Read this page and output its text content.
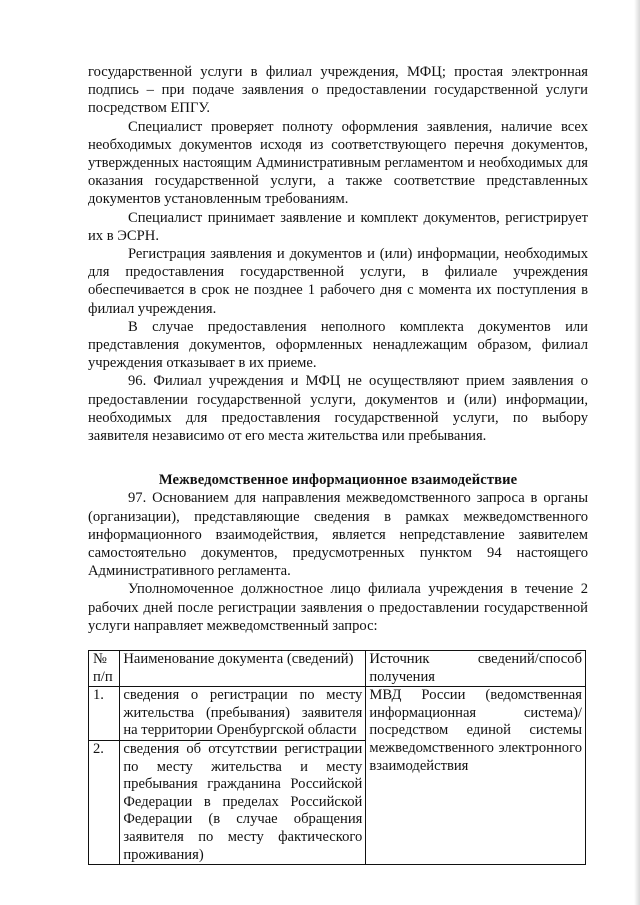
государственной услуги в филиал учреждения, МФЦ; простая электронная подпись – при подаче заявления о предоставлении государственной услуги посредством ЕПГУ.

Специалист проверяет полноту оформления заявления, наличие всех необходимых документов исходя из соответствующего перечня документов, утвержденных настоящим Административным регламентом и необходимых для оказания государственной услуги, а также соответствие представленных документов установленным требованиям.

Специалист принимает заявление и комплект документов, регистрирует их в ЭСРН.

Регистрация заявления и документов и (или) информации, необходимых для предоставления государственной услуги, в филиале учреждения обеспечивается в срок не позднее 1 рабочего дня с момента их поступления в филиал учреждения.

В случае предоставления неполного комплекта документов или представления документов, оформленных ненадлежащим образом, филиал учреждения отказывает в их приеме.

96. Филиал учреждения и МФЦ не осуществляют прием заявления о предоставлении государственной услуги, документов и (или) информации, необходимых для предоставления государственной услуги, по выбору заявителя независимо от его места жительства или пребывания.

Межведомственное информационное взаимодействие

97. Основанием для направления межведомственного запроса в органы (организации), представляющие сведения в рамках межведомственного информационного взаимодействия, является непредставление заявителем самостоятельно документов, предусмотренных пунктом 94 настоящего Административного регламента.

Уполномоченное должностное лицо филиала учреждения в течение 2 рабочих дней после регистрации заявления о предоставлении государственной услуги направляет межведомственный запрос:

№ п/п	Наименование документа (сведений)	Источник сведений/способ получения
1.	сведения о регистрации по месту жительства (пребывания) заявителя на территории Оренбургской области	МВД России (ведомственная информационная система)/ посредством единой системы межведомственного электронного взаимодействия
2.	сведения об отсутствии регистрации по месту жительства и месту пребывания гражданина Российской Федерации в пределах Российской Федерации (в случае обращения заявителя по месту фактического проживания)	
